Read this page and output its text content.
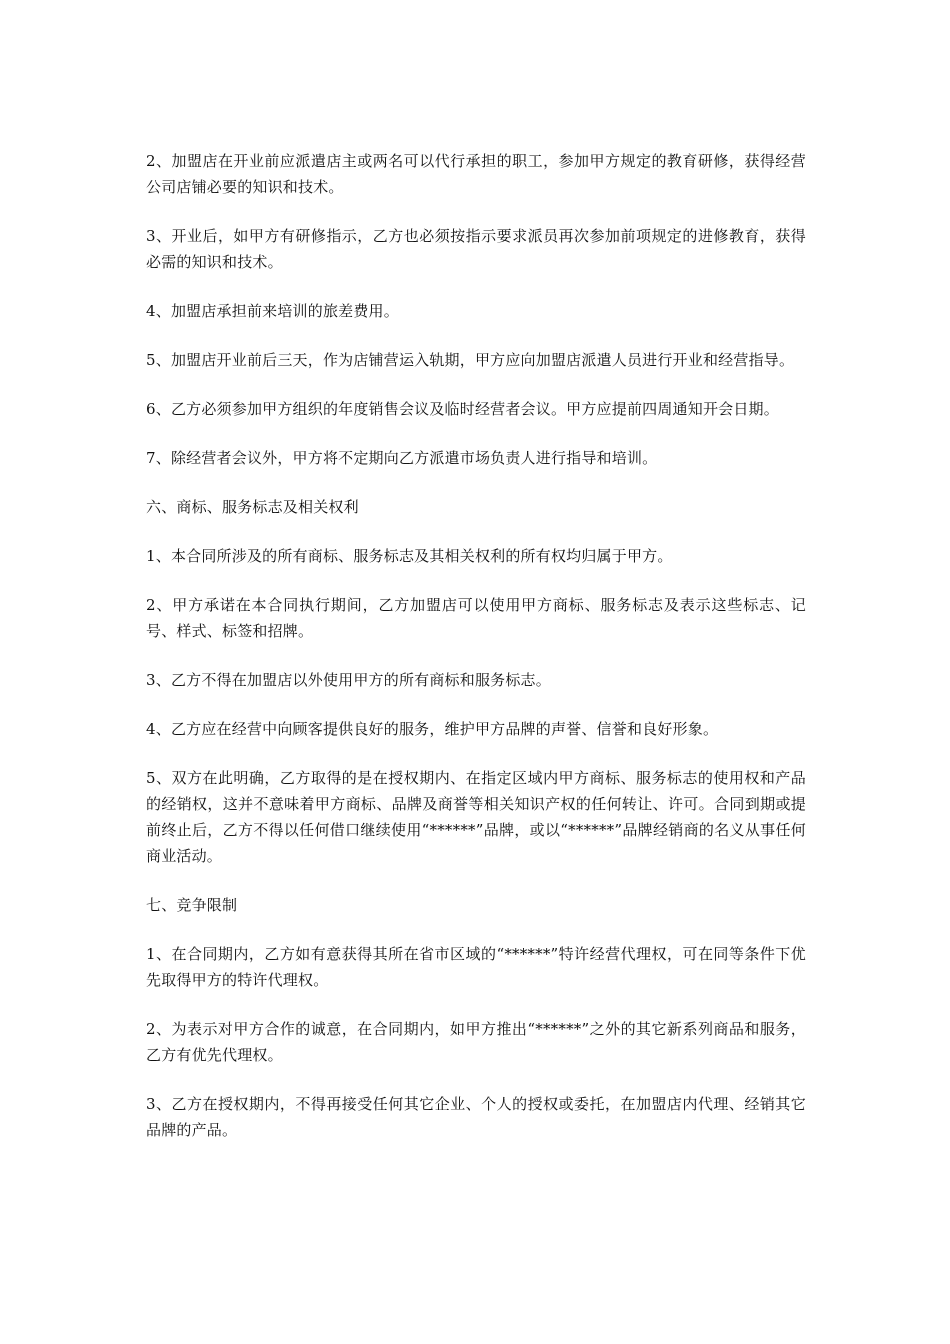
2、加盟店在开业前应派遣店主或两名可以代行承担的职工，参加甲方规定的教育研修，获得经营公司店铺必要的知识和技术。

3、开业后，如甲方有研修指示，乙方也必须按指示要求派员再次参加前项规定的进修教育，获得必需的知识和技术。

4、加盟店承担前来培训的旅差费用。

5、加盟店开业前后三天，作为店铺营运入轨期，甲方应向加盟店派遣人员进行开业和经营指导。

6、乙方必须参加甲方组织的年度销售会议及临时经营者会议。甲方应提前四周通知开会日期。

7、除经营者会议外，甲方将不定期向乙方派遣市场负责人进行指导和培训。

六、商标、服务标志及相关权利

1、本合同所涉及的所有商标、服务标志及其相关权利的所有权均归属于甲方。

2、甲方承诺在本合同执行期间，乙方加盟店可以使用甲方商标、服务标志及表示这些标志、记号、样式、标签和招牌。

3、乙方不得在加盟店以外使用甲方的所有商标和服务标志。

4、乙方应在经营中向顾客提供良好的服务，维护甲方品牌的声誉、信誉和良好形象。

5、双方在此明确，乙方取得的是在授权期内、在指定区域内甲方商标、服务标志的使用权和产品的经销权，这并不意味着甲方商标、品牌及商誉等相关知识产权的任何转让、许可。合同到期或提前终止后，乙方不得以任何借口继续使用“******”品牌，或以“******”品牌经销商的名义从事任何商业活动。

七、竞争限制

1、在合同期内，乙方如有意获得其所在省市区域的“******”特许经营代理权，可在同等条件下优先取得甲方的特许代理权。

2、为表示对甲方合作的诚意，在合同期内，如甲方推出“******”之外的其它新系列商品和服务，乙方有优先代理权。

3、乙方在授权期内，不得再接受任何其它企业、个人的授权或委托，在加盟店内代理、经销其它品牌的产品。
